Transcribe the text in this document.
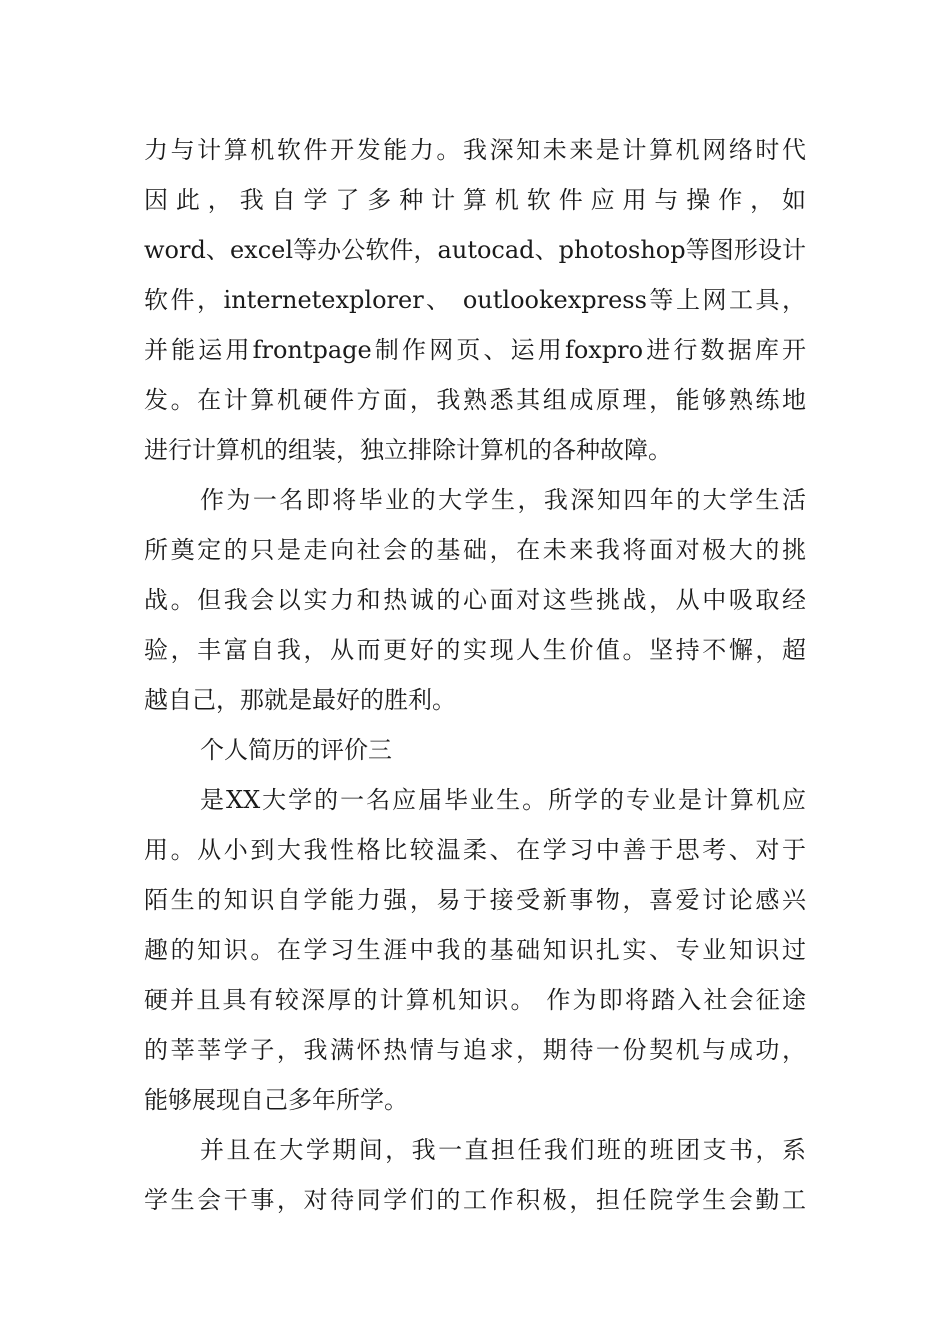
力与计算机软件开发能力。我深知未来是计算机网络时代
因此，我自学了多种计算机软件应用与操作，如
word、excel等办公软件，autocad、photoshop等图形设计
软件，internetexplorer、 outlookexpress等上网工具，
并能运用frontpage制作网页、运用foxpro进行数据库开
发。在计算机硬件方面，我熟悉其组成原理，能够熟练地
进行计算机的组装，独立排除计算机的各种故障。
作为一名即将毕业的大学生，我深知四年的大学生活
所奠定的只是走向社会的基础，在未来我将面对极大的挑
战。但我会以实力和热诚的心面对这些挑战，从中吸取经
验，丰富自我，从而更好的实现人生价值。坚持不懈，超
越自己，那就是最好的胜利。
个人简历的评价三
是XX大学的一名应届毕业生。所学的专业是计算机应
用。从小到大我性格比较温柔、在学习中善于思考、对于
陌生的知识自学能力强，易于接受新事物，喜爱讨论感兴
趣的知识。在学习生涯中我的基础知识扎实、专业知识过
硬并且具有较深厚的计算机知识。 作为即将踏入社会征途
的莘莘学子，我满怀热情与追求，期待一份契机与成功，
能够展现自己多年所学。
并且在大学期间，我一直担任我们班的班团支书，系
学生会干事，对待同学们的工作积极，担任院学生会勤工
